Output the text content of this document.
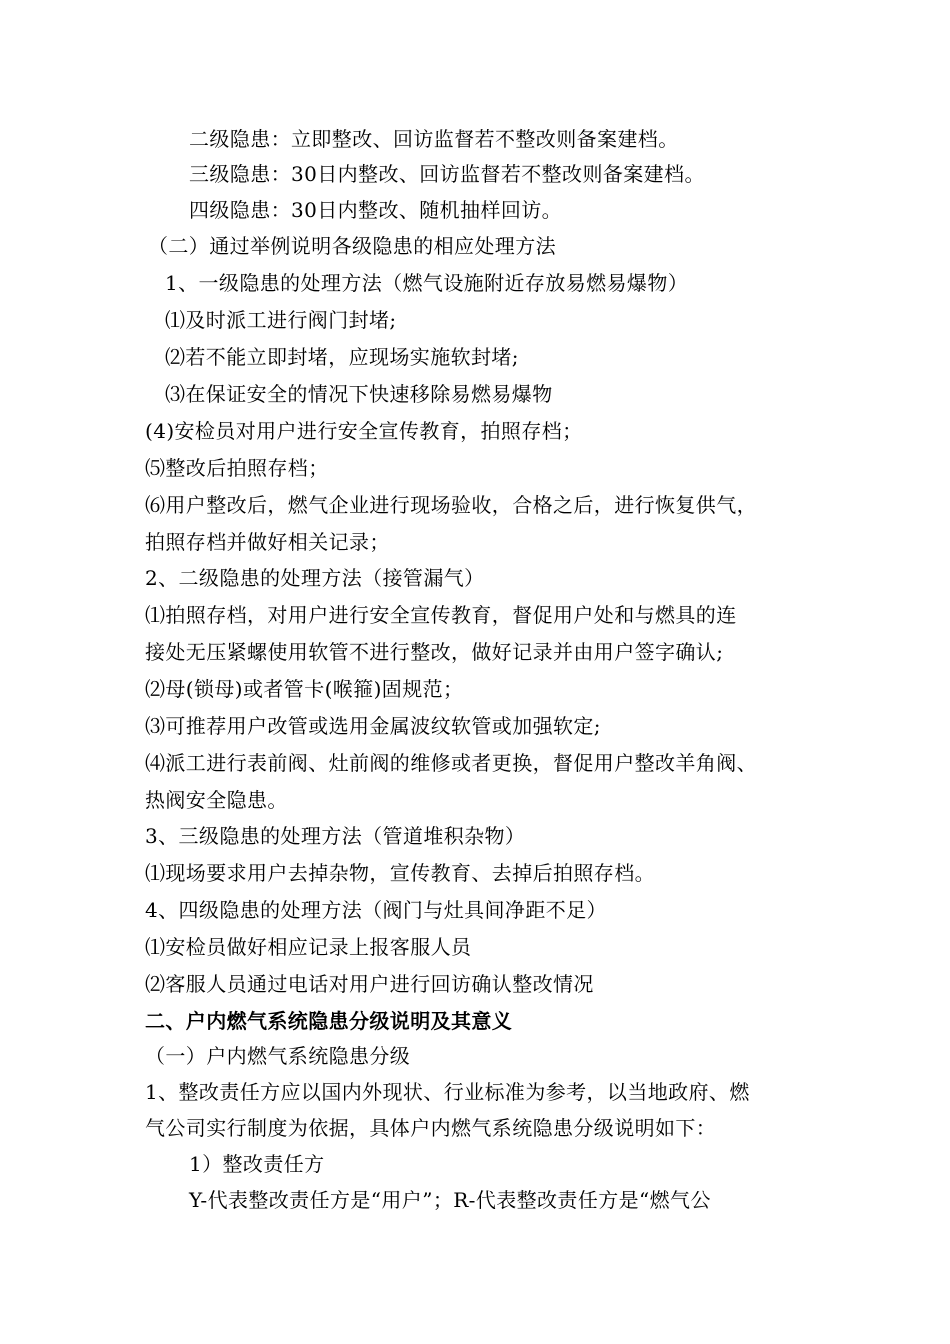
二级隐患：立即整改、回访监督若不整改则备案建档。
三级隐患：30日内整改、回访监督若不整改则备案建档。
四级隐患：30日内整改、随机抽样回访。
（二）通过举例说明各级隐患的相应处理方法
1、一级隐患的处理方法（燃气设施附近存放易燃易爆物）
⑴及时派工进行阀门封堵;
⑵若不能立即封堵，应现场实施软封堵;
⑶在保证安全的情况下快速移除易燃易爆物
(4)安检员对用户进行安全宣传教育，拍照存档；
⑸整改后拍照存档；
⑹用户整改后，燃气企业进行现场验收，合格之后，进行恢复供气，
拍照存档并做好相关记录；
2、二级隐患的处理方法（接管漏气）
⑴拍照存档，对用户进行安全宣传教育，督促用户处和与燃具的连
接处无压紧螺使用软管不进行整改，做好记录并由用户签字确认;
⑵母(锁母)或者管卡(喉箍)固规范；
⑶可推荐用户改管或选用金属波纹软管或加强软定;
⑷派工进行表前阀、灶前阀的维修或者更换，督促用户整改羊角阀、
热阀安全隐患。
3、三级隐患的处理方法（管道堆积杂物）
⑴现场要求用户去掉杂物，宣传教育、去掉后拍照存档。
4、四级隐患的处理方法（阀门与灶具间净距不足）
⑴安检员做好相应记录上报客服人员
⑵客服人员通过电话对用户进行回访确认整改情况
二、户内燃气系统隐患分级说明及其意义
（一）户内燃气系统隐患分级
1、整改责任方应以国内外现状、行业标准为参考，以当地政府、燃
气公司实行制度为依据，具体户内燃气系统隐患分级说明如下：
1）整改责任方
Y-代表整改责任方是“用户”；R-代表整改责任方是“燃气公
